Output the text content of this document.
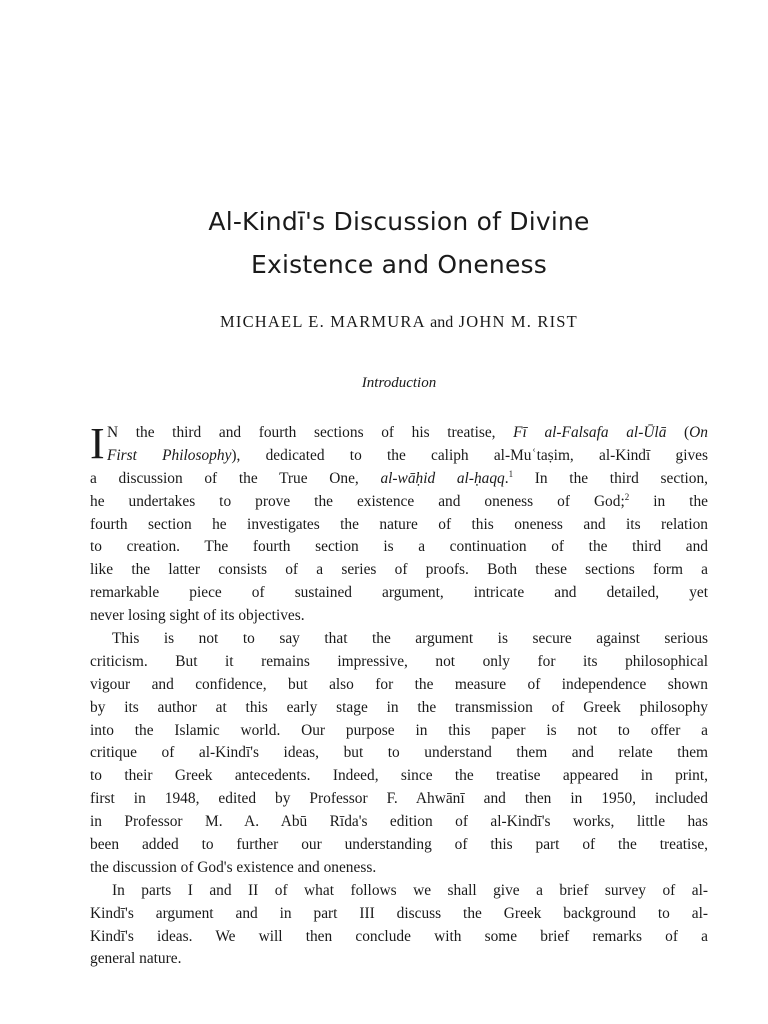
Al-Kindī's Discussion of Divine
Existence and Oneness
MICHAEL E. MARMURA and JOHN M. RIST
Introduction
I N the third and fourth sections of his treatise, Fī al-Falsafa al-Ūlā (On
First Philosophy), dedicated to the caliph al-Muʿtaṣim, al-Kindī gives
a discussion of the True One, al-wāḥid al-ḥaqq.$^1$ In the third section,
he undertakes to prove the existence and oneness of God;$^2$ in the
fourth section he investigates the nature of this oneness and its relation
to creation. The fourth section is a continuation of the third and
like the latter consists of a series of proofs. Both these sections form a
remarkable piece of sustained argument, intricate and detailed, yet
never losing sight of its objectives.
This is not to say that the argument is secure against serious
criticism. But it remains impressive, not only for its philosophical
vigour and confidence, but also for the measure of independence shown
by its author at this early stage in the transmission of Greek philosophy
into the Islamic world. Our purpose in this paper is not to offer a
critique of al-Kindī's ideas, but to understand them and relate them
to their Greek antecedents. Indeed, since the treatise appeared in print,
first in 1948, edited by Professor F. Ahwānī and then in 1950, included
in Professor M. A. Abū Rīda's edition of al-Kindī's works, little has
been added to further our understanding of this part of the treatise,
the discussion of God's existence and oneness.
In parts I and II of what follows we shall give a brief survey of al-
Kindī's argument and in part III discuss the Greek background to al-
Kindī's ideas. We will then conclude with some brief remarks of a
general nature.
